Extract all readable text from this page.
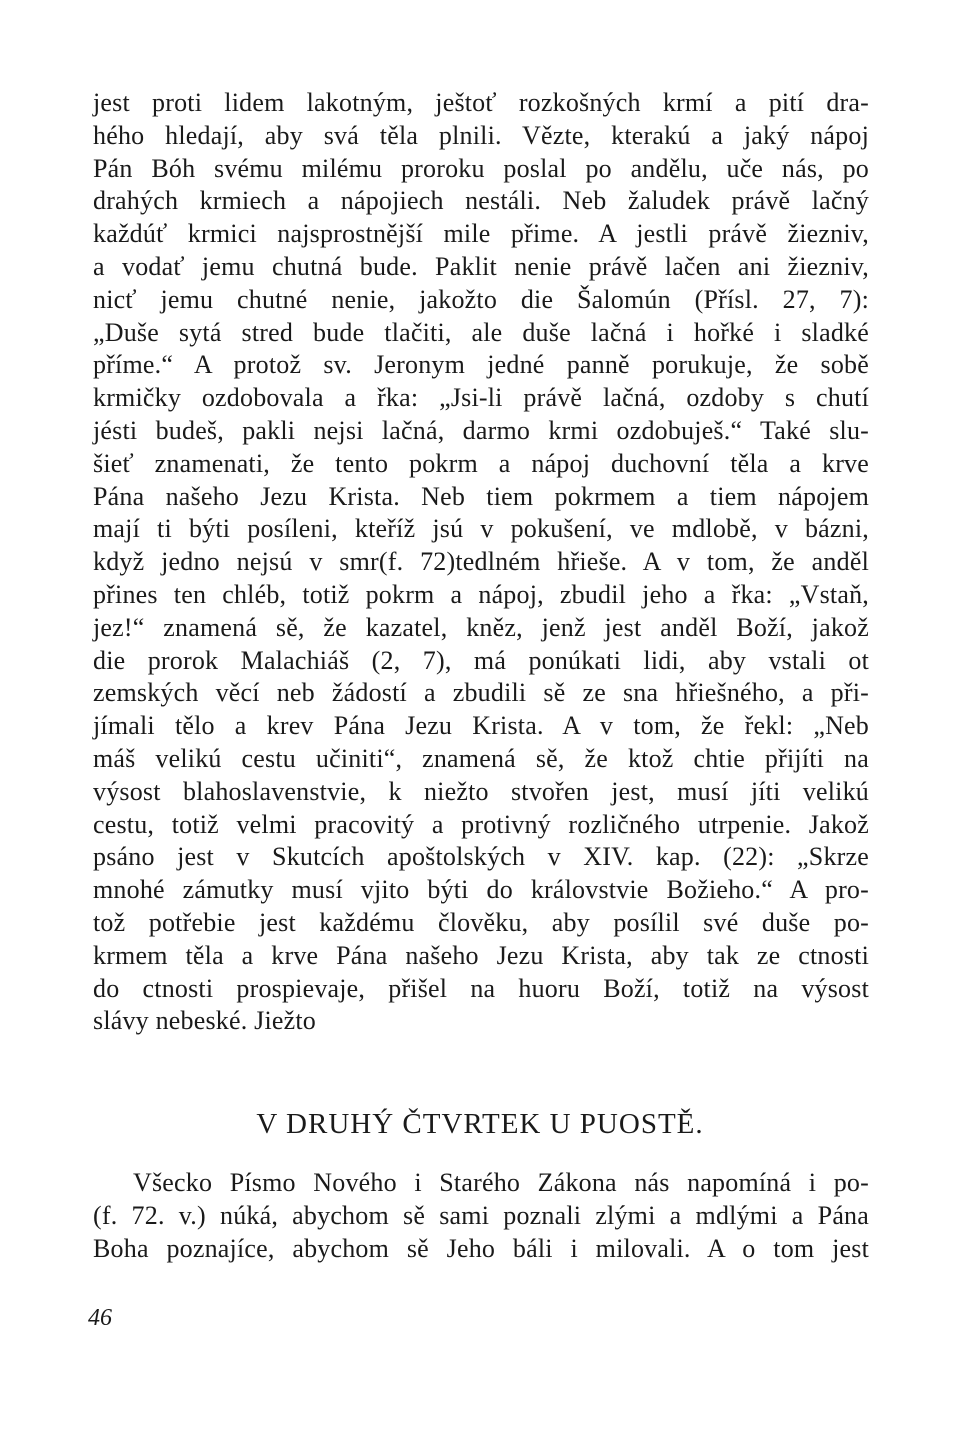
jest proti lidem lakotným, ještoť rozkošných krmí a pití dra-
hého hledají, aby svá těla plnili. Vězte, kterakú a jaký nápoj
Pán Bóh svému milému proroku poslal po andělu, uče nás, po
drahých krmiech a nápojiech nestáli. Neb žaludek právě lačný
každúť krmici najsprostnější mile přime. A jestli právě žiezniv,
a vodať jemu chutná bude. Paklit nenie právě lačen ani žiezniv,
nicť jemu chutné nenie, jakožto die Šalomún (Přísl. 27, 7):
„Duše sytá stred bude tlačiti, ale duše lačná i hořké i sladké
příme.“ A protož sv. Jeronym jedné panně porukuje, že sobě
krmičky ozdobovala a řka: „Jsi-li právě lačná, ozdoby s chutí
jésti budeš, pakli nejsi lačná, darmo krmi ozdobuješ.“ Také slu-
šieť znamenati, že tento pokrm a nápoj duchovní těla a krve
Pána našeho Jezu Krista. Neb tiem pokrmem a tiem nápojem
mají ti býti posíleni, kteříž jsú v pokušení, ve mdlobě, v bázni,
když jedno nejsú v smr(f. 72)tedlném hřieše. A v tom, že anděl
přines ten chléb, totiž pokrm a nápoj, zbudil jeho a řka: „Vstaň,
jez!“ znamená sě, že kazatel, kněz, jenž jest anděl Boží, jakož
die prorok Malachiáš (2, 7), má ponúkati lidi, aby vstali ot
zemských věcí neb žádostí a zbudili sě ze sna hřiešného, a při-
jímali tělo a krev Pána Jezu Krista. A v tom, že řekl: „Neb
máš velikú cestu učiniti“, znamená sě, že ktož chtie přijíti na
výsost blahoslavenstvie, k niežto stvořen jest, musí jíti velikú
cestu, totiž velmi pracovitý a protivný rozličného utrpenie. Jakož
psáno jest v Skutcích apoštolských v XIV. kap. (22): „Skrze
mnohé zámutky musí vjito býti do královstvie Božieho.“ A pro-
tož potřebie jest každému člověku, aby posílil své duše po-
krmem těla a krve Pána našeho Jezu Krista, aby tak ze ctnosti
do ctnosti prospievaje, přišel na huoru Boží, totiž na výsost
slávy nebeské. Jiežto
V DRUHÝ ČTVRTEK U PUOSTĚ.
Všecko Písmo Nového i Starého Zákona nás napomíná i po-
(f. 72. v.) núká, abychom sě sami poznali zlými a mdlými a Pána
Boha poznajíce, abychom sě Jeho báli i milovali. A o tom jest
46
